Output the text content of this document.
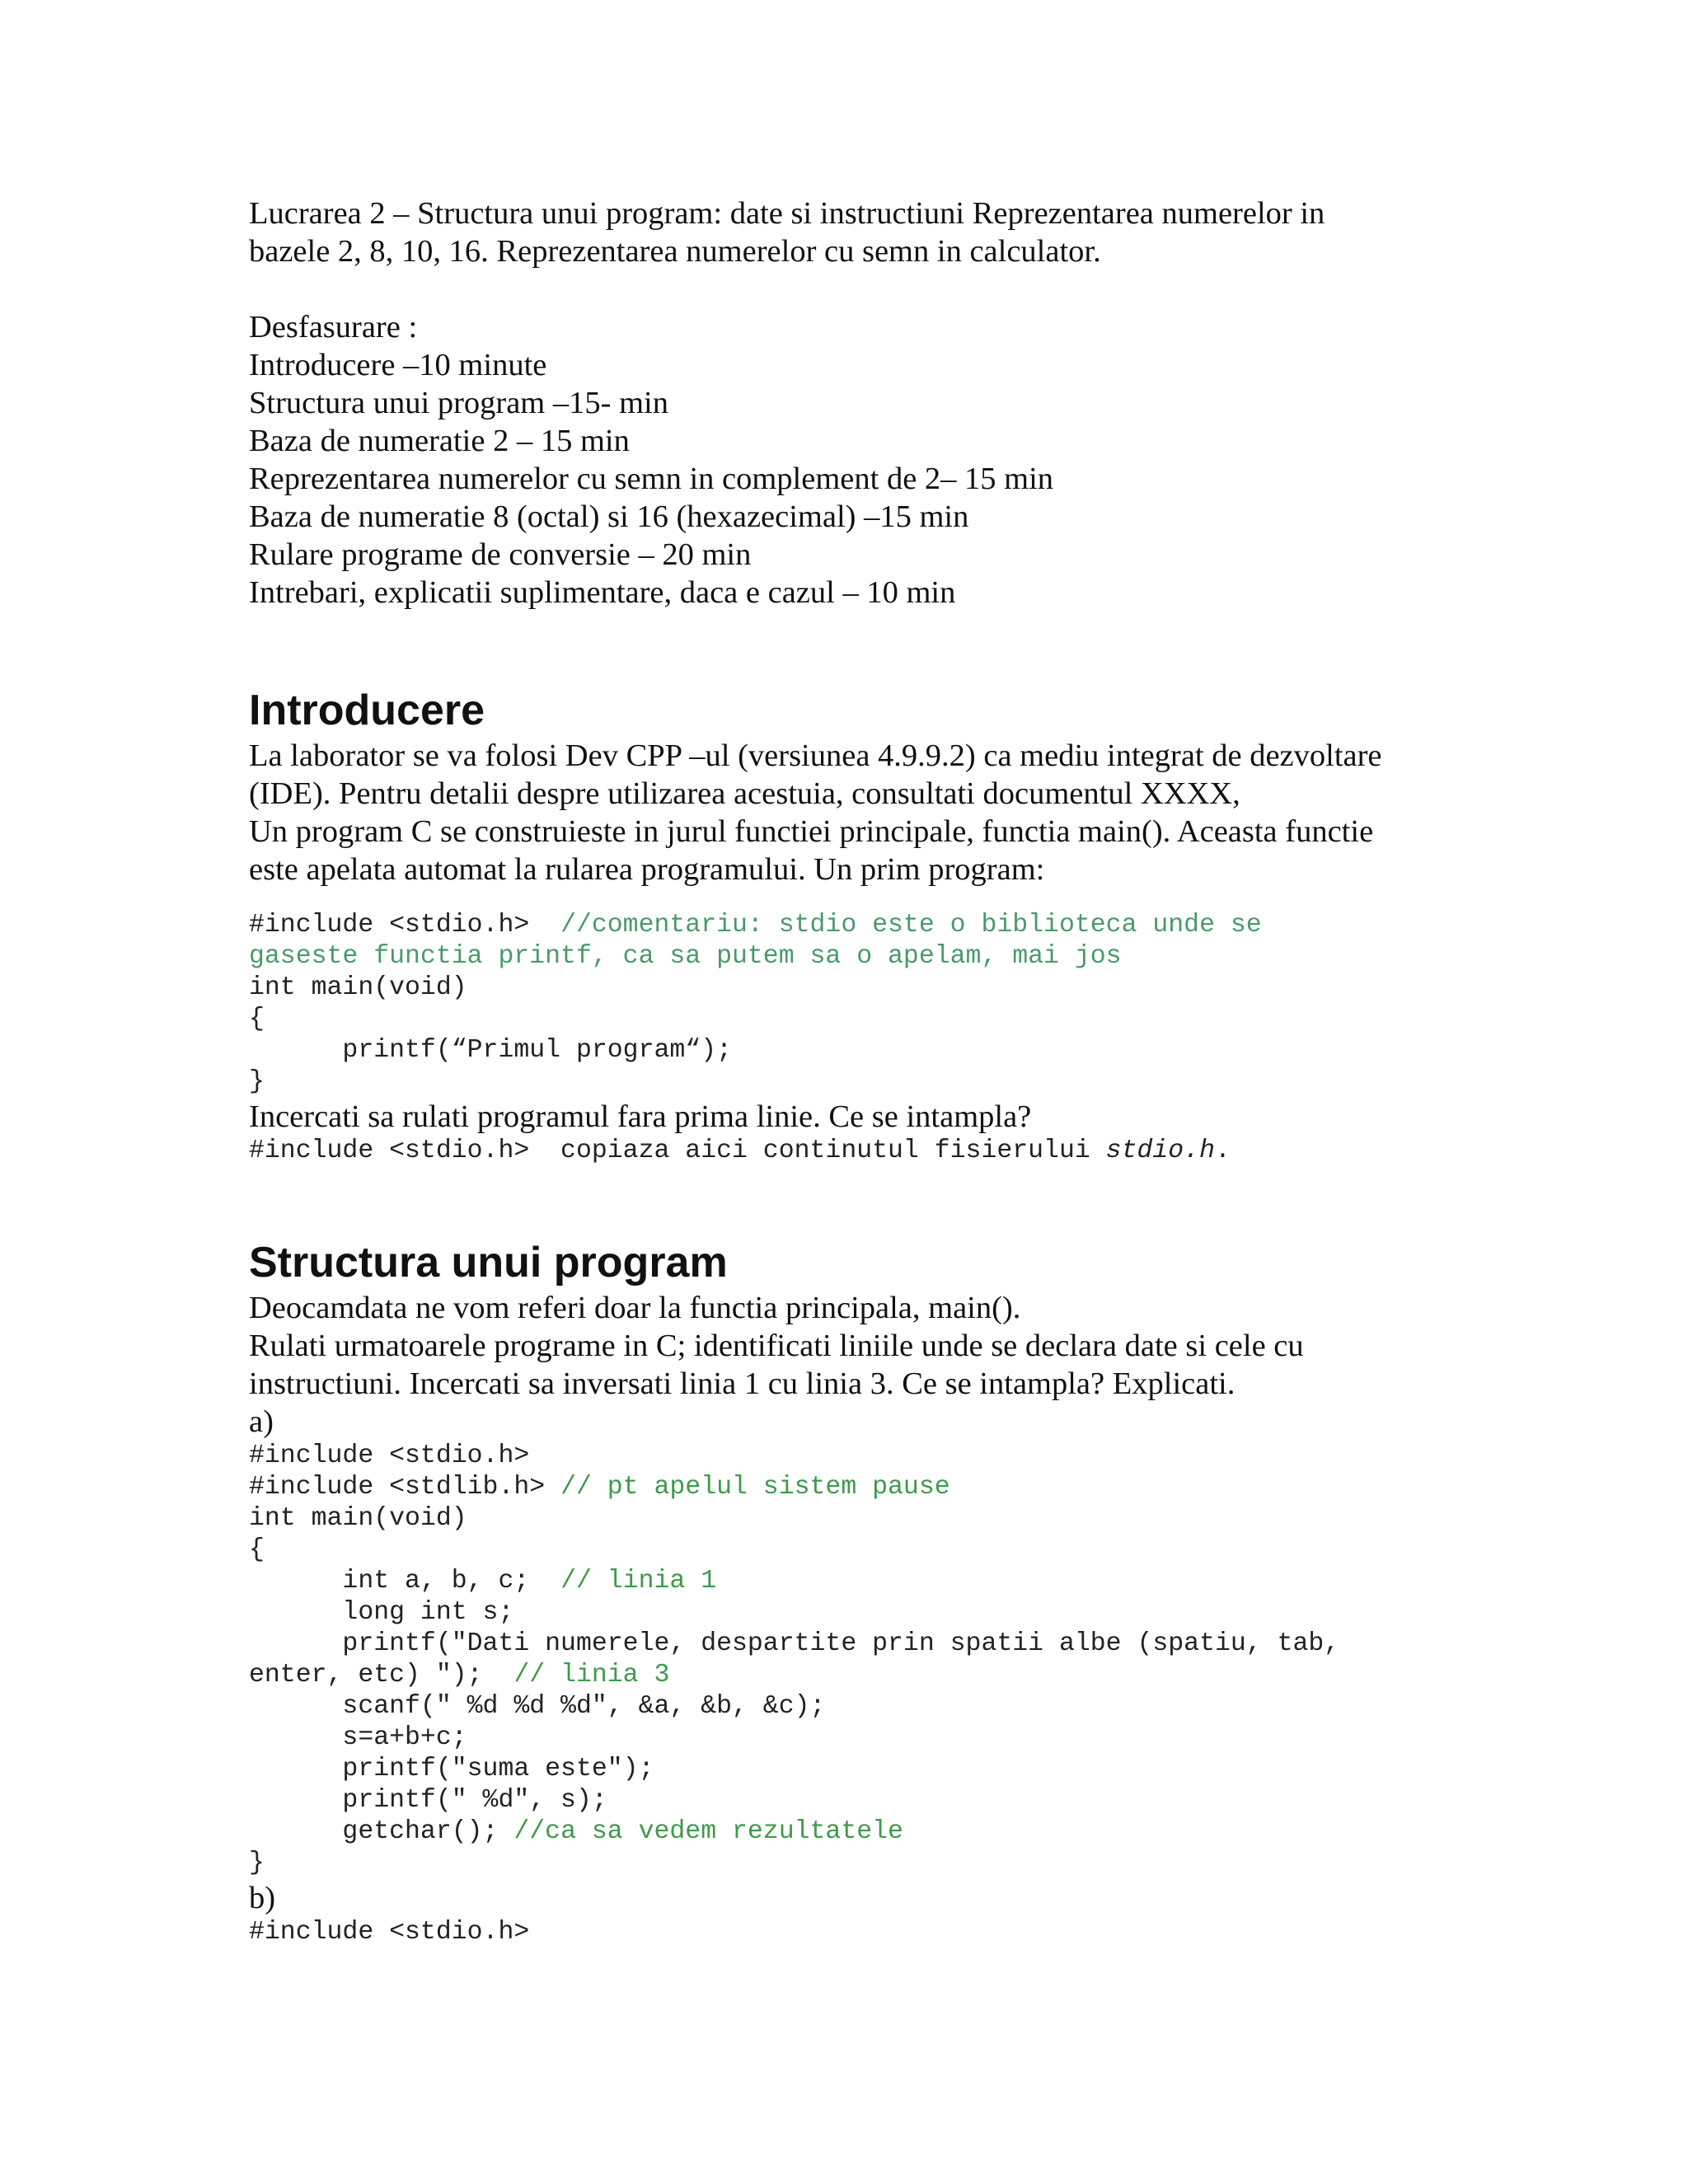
Lucrarea 2 – Structura unui program: date si instructiuni Reprezentarea numerelor in

bazele 2, 8, 10, 16. Reprezentarea numerelor cu semn in calculator.

Desfasurare :

Introducere –10 minute

Structura unui program –15- min

Baza de numeratie 2 – 15 min

Reprezentarea numerelor cu semn in complement de 2– 15 min

Baza de numeratie 8 (octal) si 16 (hexazecimal) –15 min

Rulare programe de conversie – 20 min

Intrebari, explicatii suplimentare, daca e cazul – 10 min

Introducere

La laborator se va folosi Dev CPP –ul (versiunea 4.9.9.2) ca mediu integrat de dezvoltare

(IDE). Pentru detalii despre utilizarea acestuia, consultati documentul XXXX,

Un program C se construieste in jurul functiei principale, functia main(). Aceasta functie

este apelata automat la rularea programului. Un prim program:

#include <stdio.h>  //comentariu: stdio este o biblioteca unde se

gaseste functia printf, ca sa putem sa o apelam, mai jos

int main(void)

{

printf(“Primul program“);

}

Incercati sa rulati programul fara prima linie. Ce se intampla?

#include <stdio.h>  copiaza aici continutul fisierului stdio.h.

Structura unui program

Deocamdata ne vom referi doar la functia principala, main().

Rulati urmatoarele programe in C; identificati liniile unde se declara date si cele cu

instructiuni. Incercati sa inversati linia 1 cu linia 3. Ce se intampla? Explicati.

a)

#include <stdio.h>

#include <stdlib.h> // pt apelul sistem pause

int main(void)

{

int a, b, c;  // linia 1

long int s;

printf("Dati numerele, despartite prin spatii albe (spatiu, tab,

enter, etc) ");  // linia 3

scanf(" %d %d %d", &a, &b, &c);

s=a+b+c;

printf("suma este");

printf(" %d", s);

getchar(); //ca sa vedem rezultatele

}

b)

#include <stdio.h>
